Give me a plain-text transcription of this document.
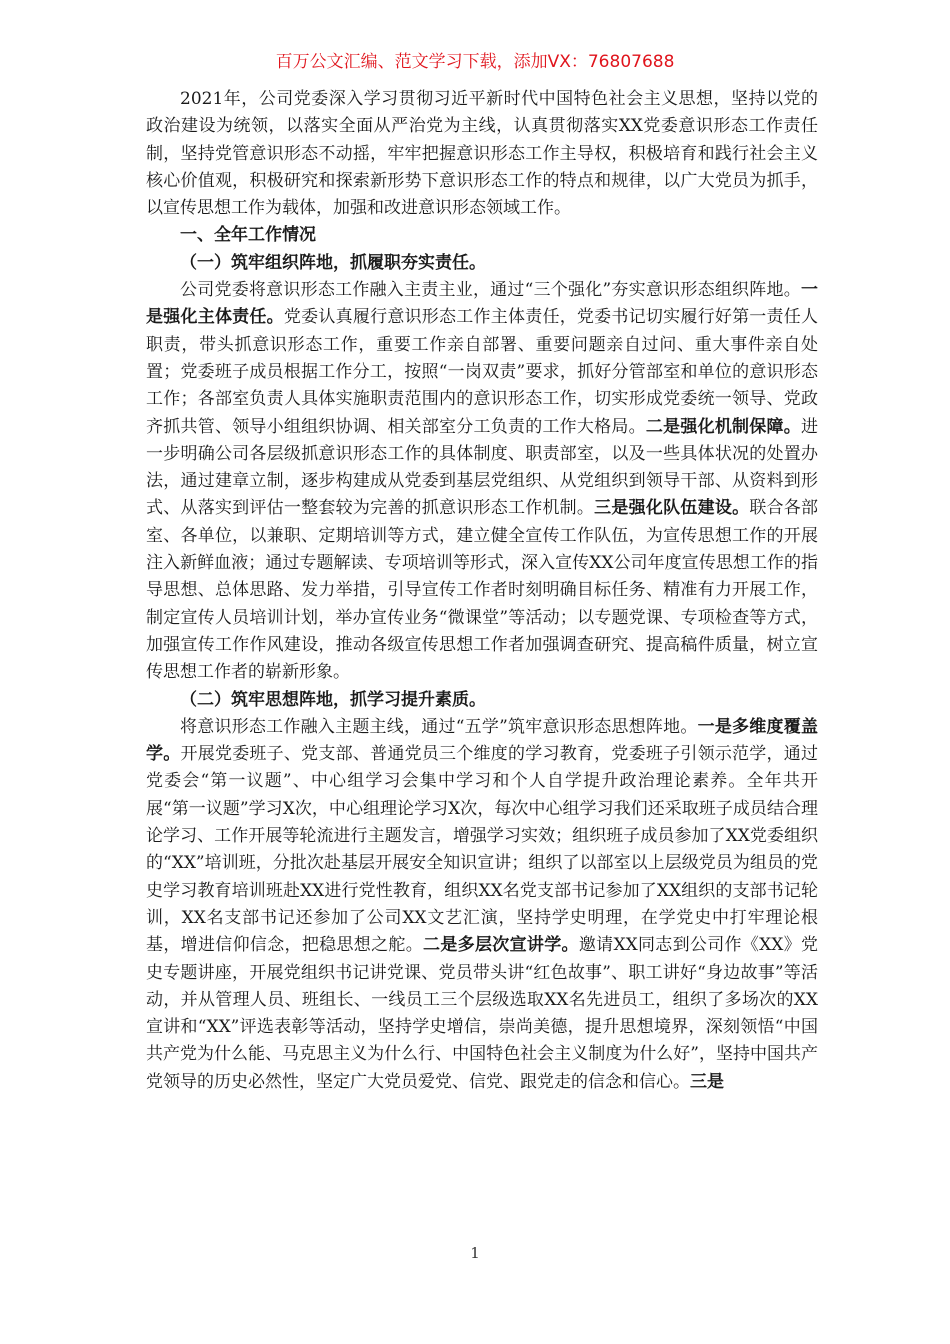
百万公文汇编、范文学习下载，添加VX：76807688

2021年，公司党委深入学习贯彻习近平新时代中国特色社会主义思想，坚持以党的政治建设为统领，以落实全面从严治党为主线，认真贯彻落实XX党委意识形态工作责任制，坚持党管意识形态不动摇，牢牢把握意识形态工作主导权，积极培育和践行社会主义核心价值观，积极研究和探索新形势下意识形态工作的特点和规律，以广大党员为抓手，以宣传思想工作为载体，加强和改进意识形态领域工作。

一、全年工作情况

（一）筑牢组织阵地，抓履职夯实责任。

公司党委将意识形态工作融入主责主业，通过“三个强化”夯实意识形态组织阵地。一是强化主体责任。党委认真履行意识形态工作主体责任，党委书记切实履行好第一责任人职责，带头抓意识形态工作，重要工作亲自部署、重要问题亲自过问、重大事件亲自处置；党委班子成员根据工作分工，按照“一岗双责”要求，抓好分管部室和单位的意识形态工作；各部室负责人具体实施职责范围内的意识形态工作，切实形成党委统一领导、党政齐抓共管、领导小组组织协调、相关部室分工负责的工作大格局。二是强化机制保障。进一步明确公司各层级抓意识形态工作的具体制度、职责部室，以及一些具体状况的处置办法，通过建章立制，逐步构建成从党委到基层党组织、从党组织到领导干部、从资料到形式、从落实到评估一整套较为完善的抓意识形态工作机制。三是强化队伍建设。联合各部室、各单位，以兼职、定期培训等方式，建立健全宣传工作队伍，为宣传思想工作的开展注入新鲜血液；通过专题解读、专项培训等形式，深入宣传XX公司年度宣传思想工作的指导思想、总体思路、发力举措，引导宣传工作者时刻明确目标任务、精准有力开展工作，制定宣传人员培训计划，举办宣传业务“微课堂”等活动；以专题党课、专项检查等方式，加强宣传工作作风建设，推动各级宣传思想工作者加强调查研究、提高稿件质量，树立宣传思想工作者的崭新形象。

（二）筑牢思想阵地，抓学习提升素质。

将意识形态工作融入主题主线，通过“五学”筑牢意识形态思想阵地。一是多维度覆盖学。开展党委班子、党支部、普通党员三个维度的学习教育，党委班子引领示范学，通过党委会“第一议题”、中心组学习会集中学习和个人自学提升政治理论素养。全年共开展“第一议题”学习X次，中心组理论学习X次，每次中心组学习我们还采取班子成员结合理论学习、工作开展等轮流进行主题发言，增强学习实效；组织班子成员参加了XX党委组织的“XX”培训班，分批次赴基层开展安全知识宣讲；组织了以部室以上层级党员为组员的党史学习教育培训班赴XX进行党性教育，组织XX名党支部书记参加了XX组织的支部书记轮训，XX名支部书记还参加了公司XX文艺汇演，坚持学史明理，在学党史中打牢理论根基，增进信仰信念，把稳思想之舵。二是多层次宣讲学。邀请XX同志到公司作《XX》党史专题讲座，开展党组织书记讲党课、党员带头讲“红色故事”、职工讲好“身边故事”等活动，并从管理人员、班组长、一线员工三个层级选取XX名先进员工，组织了多场次的XX宣讲和“XX”评选表彰等活动，坚持学史增信，崇尚美德，提升思想境界，深刻领悟“中国共产党为什么能、马克思主义为什么行、中国特色社会主义制度为什么好”，坚持中国共产党领导的历史必然性，坚定广大党员爱党、信党、跟党走的信念和信心。三是

1
